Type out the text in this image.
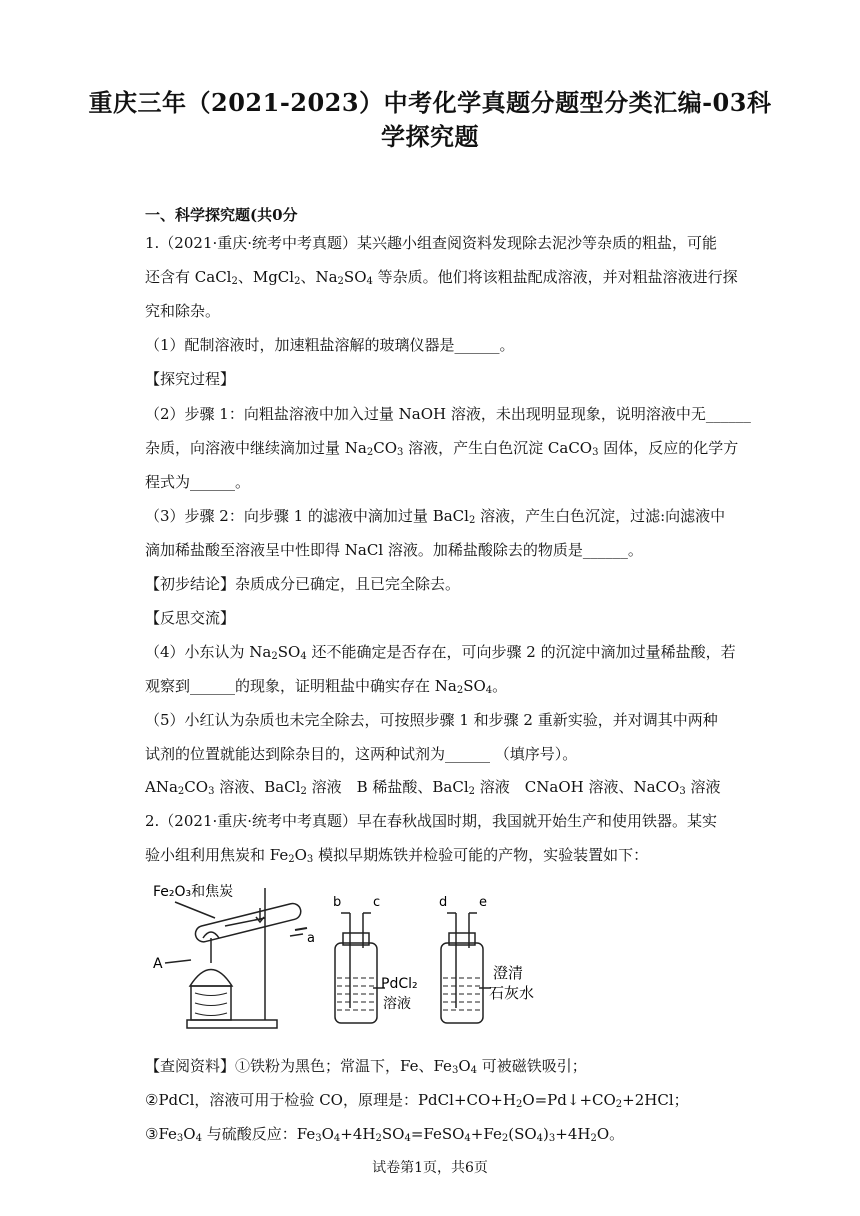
重庆三年（2021-2023）中考化学真题分题型分类汇编-03科
学探究题
一、科学探究题(共0分
1.（2021·重庆·统考中考真题）某兴趣小组查阅资料发现除去泥沙等杂质的粗盐，可能
还含有 CaCl$_2$、MgCl$_2$、$Na_2SO_4$ 等杂质。他们将该粗盐配成溶液，并对粗盐溶液进行探
究和除杂。
（1）配制溶液时，加速粗盐溶解的玻璃仪器是______。
【探究过程】
（2）步骤 1：向粗盐溶液中加入过量 NaOH 溶液，未出现明显现象，说明溶液中无______
杂质，向溶液中继续滴加过量 $Na_2CO_3$ 溶液，产生白色沉淀 CaCO$_3$ 固体，反应的化学方
程式为______。
（3）步骤 2：向步骤 1 的滤液中滴加过量 BaCl$_2$ 溶液，产生白色沉淀，过滤:向滤液中
滴加稀盐酸至溶液呈中性即得 NaCl 溶液。加稀盐酸除去的物质是______。
【初步结论】杂质成分已确定，且已完全除去。
【反思交流】
（4）小东认为 $Na_2SO_4$ 还不能确定是否存在，可向步骤 2 的沉淀中滴加过量稀盐酸，若
观察到______的现象，证明粗盐中确实存在 $Na_2SO_4$。
（5）小红认为杂质也未完全除去，可按照步骤 1 和步骤 2 重新实验，并对调其中两种
试剂的位置就能达到除杂目的，这两种试剂为______ （填序号）。
$ANa_2CO_3$ 溶液、BaCl$_2$ 溶液　B 稀盐酸、BaCl$_2$ 溶液　CNaOH 溶液、NaCO$_3$ 溶液
2.（2021·重庆·统考中考真题）早在春秋战国时期，我国就开始生产和使用铁器。某实
验小组利用焦炭和 $Fe_2O_3$ 模拟早期炼铁并检验可能的产物，实验装置如下：
Fe₂O₃和焦炭
A
a
b c	d e
PdCl₂
溶液
澄清
石灰水
【查阅资料】①铁粉为黑色；常温下，Fe、$Fe_3O_4$ 可被磁铁吸引；
②PdCl，溶液可用于检验 CO，原理是：$PdCl+CO+H_2O=Pd↓+CO_2+2HCl$；
$③Fe_3O_4$ 与硫酸反应：$Fe_3O_4+4H_2SO_4=FeSO_4+Fe_2(SO_4)_3+4H_2O$。
试卷第1页，共6页
